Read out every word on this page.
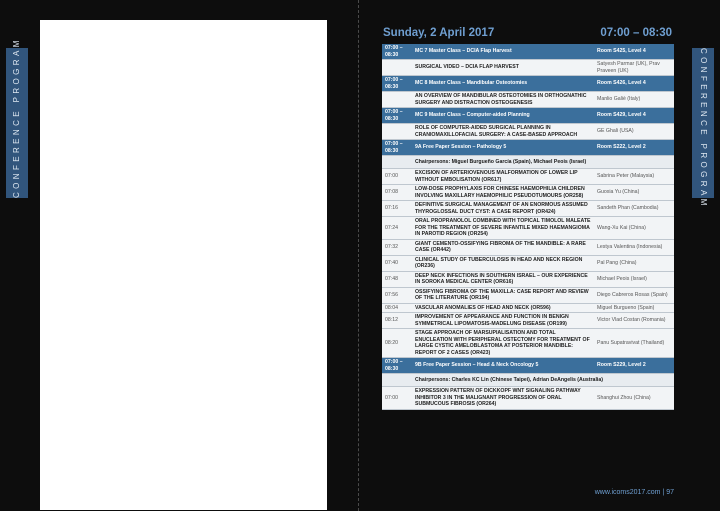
CONFERENCE PROGRAM	CONFERENCE PROGRAM
Sunday, 2 April 2017	07:00 – 08:30
07:00 – 08:30	MC 7 Master Class – DCIA Flap Harvest	Room S425, Level 4
	SURGICAL VIDEO – DCIA FLAP HARVEST	Satyesh Parmar (UK), Prav Praveen (UK)
07:00 – 08:30	MC 8 Master Class – Mandibular Osteotomies	Room S426, Level 4
	AN OVERVIEW OF MANDIBULAR OSTEOTOMIES IN ORTHOGNATHIC SURGERY AND DISTRACTION OSTEOGENESIS	Manlio Galiè (Italy)
07:00 – 08:30	MC 9 Master Class – Computer-aided Planning	Room S429, Level 4
	ROLE OF COMPUTER-AIDED SURGICAL PLANNING IN CRANIOMAXILLOFACIAL SURGERY: A CASE-BASED APPROACH	GE Ghali (USA)
07:00 – 08:30	9A Free Paper Session – Pathology 5	Room S222, Level 2
	Chairpersons: Miguel Burgueño García (Spain), Michael Peois (Israel)	
07:00	EXCISION OF ARTERIOVENOUS MALFORMATION OF LOWER LIP WITHOUT EMBOLISATION (OR617)	Sabrina Peter (Malaysia)
07:08	LOW-DOSE PROPHYLAXIS FOR CHINESE HAEMOPHILIA CHILDREN INVOLVING MAXILLARY HAEMOPHILIC PSEUDOTUMOURS (OR258)	Guoxia Yu (China)
07:16	DEFINITIVE SURGICAL MANAGEMENT OF AN ENORMOUS ASSUMED THYROGLOSSAL DUCT CYST: A CASE REPORT (OR424)	Sandeth Phan (Cambodia)
07:24	ORAL PROPRANOLOL COMBINED WITH TOPICAL TIMOLOL MALEATE FOR THE TREATMENT OF SEVERE INFANTILE MIXED HAEMANGIOMA IN PAROTID REGION (OR254)	Wang-Xu Kai (China)
07:32	GIANT CEMENTO-OSSIFYING FIBROMA OF THE MANDIBLE: A RARE CASE (OR442)	Lestya Valentina (Indonesia)
07:40	CLINICAL STUDY OF TUBERCULOSIS IN HEAD AND NECK REGION (OR236)	Pal Pang (China)
07:48	DEEP NECK INFECTIONS IN SOUTHERN ISRAEL – OUR EXPERIENCE IN SOROKA MEDICAL CENTER (OR616)	Michael Peois (Israel)
07:56	OSSIFYING FIBROMA OF THE MAXILLA: CASE REPORT AND REVIEW OF THE LITERATURE (OR194)	Diego Cabreros Rosas (Spain)
08:04	VASCULAR ANOMALIES OF HEAD AND NECK (OR596)	Miguel Burgueno (Spain)
08:12	IMPROVEMENT OF APPEARANCE AND FUNCTION IN BENIGN SYMMETRICAL LIPOMATOSIS-MADELUNG DISEASE (OR199)	Victor Vlad Costan (Romania)
08:20	STAGE APPROACH OF MARSUPIALISATION AND TOTAL ENUCLEATION WITH PERIPHERAL OSTECTOMY FOR TREATMENT OF LARGE CYSTIC AMELOBLASTOMA AT POSTERIOR MANDIBLE: REPORT OF 2 CASES (OR423)	Panu Supatravivat (Thailand)
07:00 – 08:30	9B Free Paper Session – Head & Neck Oncology 5	Room S229, Level 2
	Chairpersons: Charles KC Lin (Chinese Taipei), Adrian DeAngelis (Australia)	
07:00	EXPRESSION PATTERN OF DICKKOPF WNT SIGNALING PATHWAY INHIBITOR 3 IN THE MALIGNANT PROGRESSION OF ORAL SUBMUCOUS FIBROSIS (OR264)	Shanghui Zhou (China)
www.icoms2017.com | 97
